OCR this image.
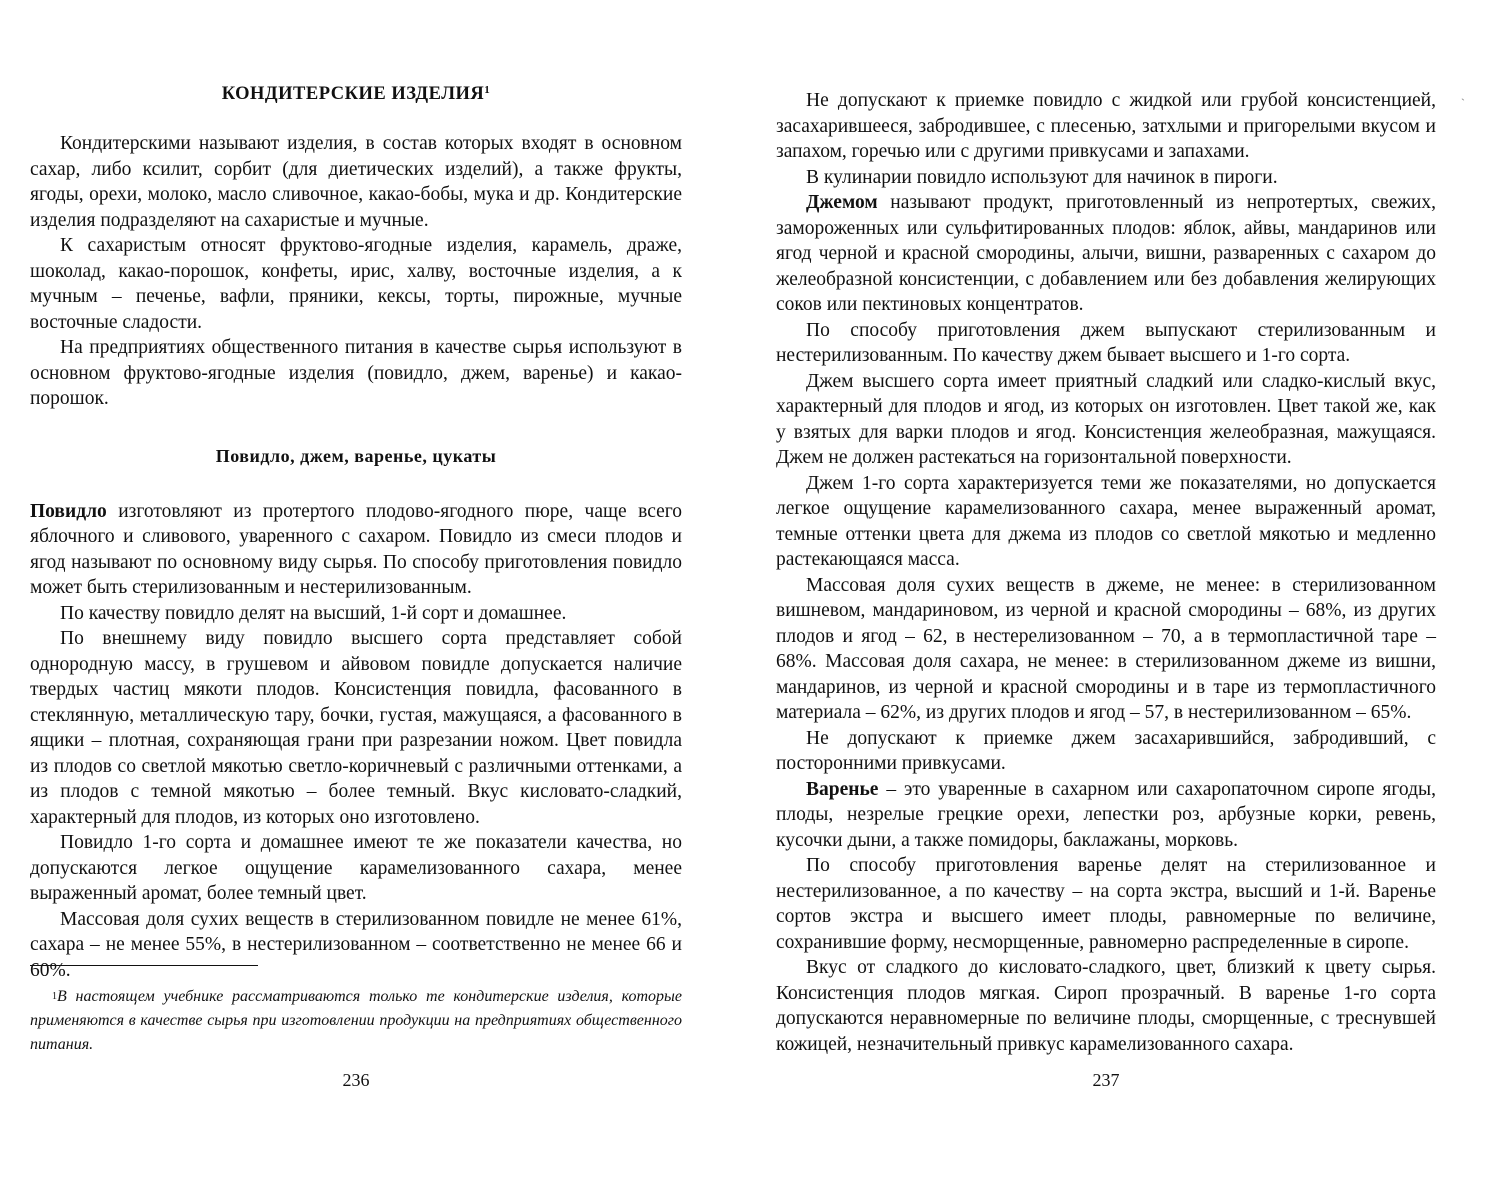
КОНДИТЕРСКИЕ ИЗДЕЛИЯ$^1$

Кондитерскими называют изделия, в состав которых входят в основном сахар, либо ксилит, сорбит (для диетических изделий), а также фрукты, ягоды, орехи, молоко, масло сливочное, какао-бобы, мука и др. Кондитерские изделия подразделяют на сахаристые и мучные.

К сахаристым относят фруктово-ягодные изделия, карамель, драже, шоколад, какао-порошок, конфеты, ирис, халву, восточные изделия, а к мучным – печенье, вафли, пряники, кексы, торты, пирожные, мучные восточные сладости.

На предприятиях общественного питания в качестве сырья используют в основном фруктово-ягодные изделия (повидло, джем, варенье) и какао-порошок.

Повидло, джем, варенье, цукаты

Повидло изготовляют из протертого плодово-ягодного пюре, чаще всего яблочного и сливового, уваренного с сахаром. Повидло из смеси плодов и ягод называют по основному виду сырья. По способу приготовления повидло может быть стерилизованным и нестерилизованным.

По качеству повидло делят на высший, 1-й сорт и домашнее.

По внешнему виду повидло высшего сорта представляет собой однородную массу, в грушевом и айвовом повидле допускается наличие твердых частиц мякоти плодов. Консистенция повидла, фасованного в стеклянную, металлическую тару, бочки, густая, мажущаяся, а фасованного в ящики – плотная, сохраняющая грани при разрезании ножом. Цвет повидла из плодов со светлой мякотью светло-коричневый с различными оттенками, а из плодов с темной мякотью – более темный. Вкус кисловато-сладкий, характерный для плодов, из которых оно изготовлено.

Повидло 1-го сорта и домашнее имеют те же показатели качества, но допускаются легкое ощущение карамелизованного сахара, менее выраженный аромат, более темный цвет.

Массовая доля сухих веществ в стерилизованном повидле не менее 61%, сахара – не менее 55%, в нестерилизованном – соответственно не менее 66 и 60%.

$^1$В настоящем учебнике рассматриваются только те кондитерские изделия, которые применяются в качестве сырья при изготовлении продукции на предприятиях общественного питания.
236

Не допускают к приемке повидло с жидкой или грубой консистенцией, засахарившееся, забродившее, с плесенью, затхлыми и пригорелыми вкусом и запахом, горечью или с другими привкусами и запахами.

В кулинарии повидло используют для начинок в пироги.

Джемом называют продукт, приготовленный из непротертых, свежих, замороженных или сульфитированных плодов: яблок, айвы, мандаринов или ягод черной и красной смородины, алычи, вишни, разваренных с сахаром до желеобразной консистенции, с добавлением или без добавления желирующих соков или пектиновых концентратов.

По способу приготовления джем выпускают стерилизованным и нестерилизованным. По качеству джем бывает высшего и 1-го сорта.

Джем высшего сорта имеет приятный сладкий или сладко-кислый вкус, характерный для плодов и ягод, из которых он изготовлен. Цвет такой же, как у взятых для варки плодов и ягод. Консистенция желеобразная, мажущаяся. Джем не должен растекаться на горизонтальной поверхности.

Джем 1-го сорта характеризуется теми же показателями, но допускается легкое ощущение карамелизованного сахара, менее выраженный аромат, темные оттенки цвета для джема из плодов со светлой мякотью и медленно растекающаяся масса.

Массовая доля сухих веществ в джеме, не менее: в стерилизованном вишневом, мандариновом, из черной и красной смородины – 68%, из других плодов и ягод – 62, в нестерелизованном – 70, а в термопластичной таре – 68%. Массовая доля сахара, не менее: в стерилизованном джеме из вишни, мандаринов, из черной и красной смородины и в таре из термопластичного материала – 62%, из других плодов и ягод – 57, в нестерилизованном – 65%.

Не допускают к приемке джем засахарившийся, забродивший, с посторонними привкусами.

Варенье – это уваренные в сахарном или сахаропаточном сиропе ягоды, плоды, незрелые грецкие орехи, лепестки роз, арбузные корки, ревень, кусочки дыни, а также помидоры, баклажаны, морковь.

По способу приготовления варенье делят на стерилизованное и нестерилизованное, а по качеству – на сорта экстра, высший и 1-й. Варенье сортов экстра и высшего имеет плоды, равномерные по величине, сохранившие форму, несморщенные, равномерно распределенные в сиропе.

Вкус от сладкого до кисловато-сладкого, цвет, близкий к цвету сырья. Консистенция плодов мягкая. Сироп прозрачный. В варенье 1-го сорта допускаются неравномерные по величине плоды, сморщенные, с треснувшей кожицей, незначительный привкус карамелизованного сахара.

237
ˋ
